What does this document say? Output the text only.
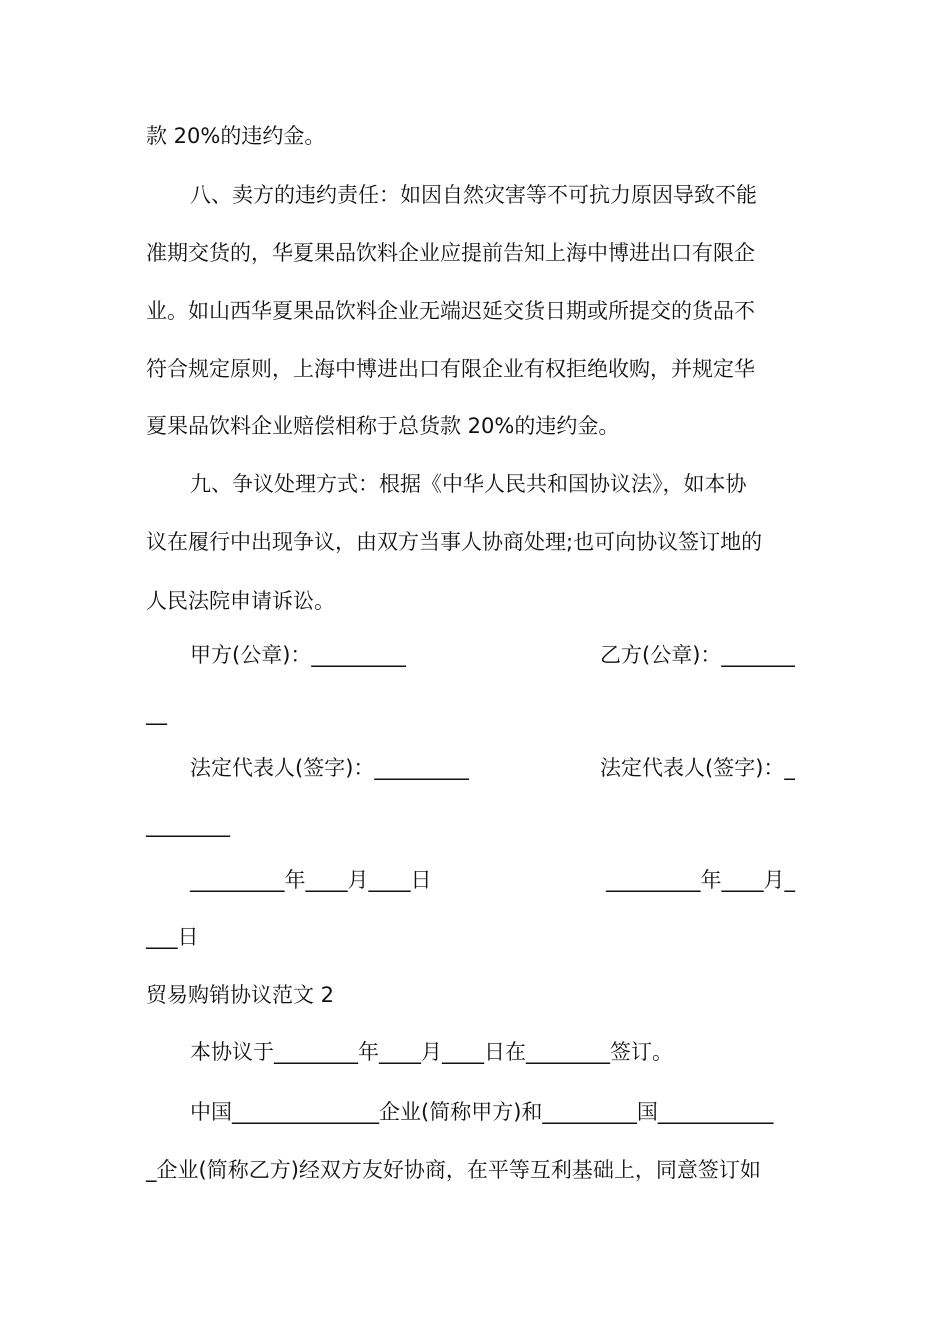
款 20%的违约金。
八、卖方的违约责任：如因自然灾害等不可抗力原因导致不能
准期交货的，华夏果品饮料企业应提前告知上海中博进出口有限企
业。如山西华夏果品饮料企业无端迟延交货日期或所提交的货品不
符合规定原则，上海中博进出口有限企业有权拒绝收购，并规定华
夏果品饮料企业赔偿相称于总货款 20%的违约金。
九、争议处理方式：根据《中华人民共和国协议法》，如本协
议在履行中出现争议，由双方当事人协商处理;也可向协议签订地的
人民法院申请诉讼。
甲方(公章)：_________	乙方(公章)：_______
__
法定代表人(签字)：_________	法定代表人(签字)：_
________
_________年____月____日	_________年____月_
___日
贸易购销协议范文 2
本协议于________年____月____日在________签订。
中国______________企业(简称甲方)和_________国___________
_企业(简称乙方)经双方友好协商，在平等互利基础上，同意签订如
